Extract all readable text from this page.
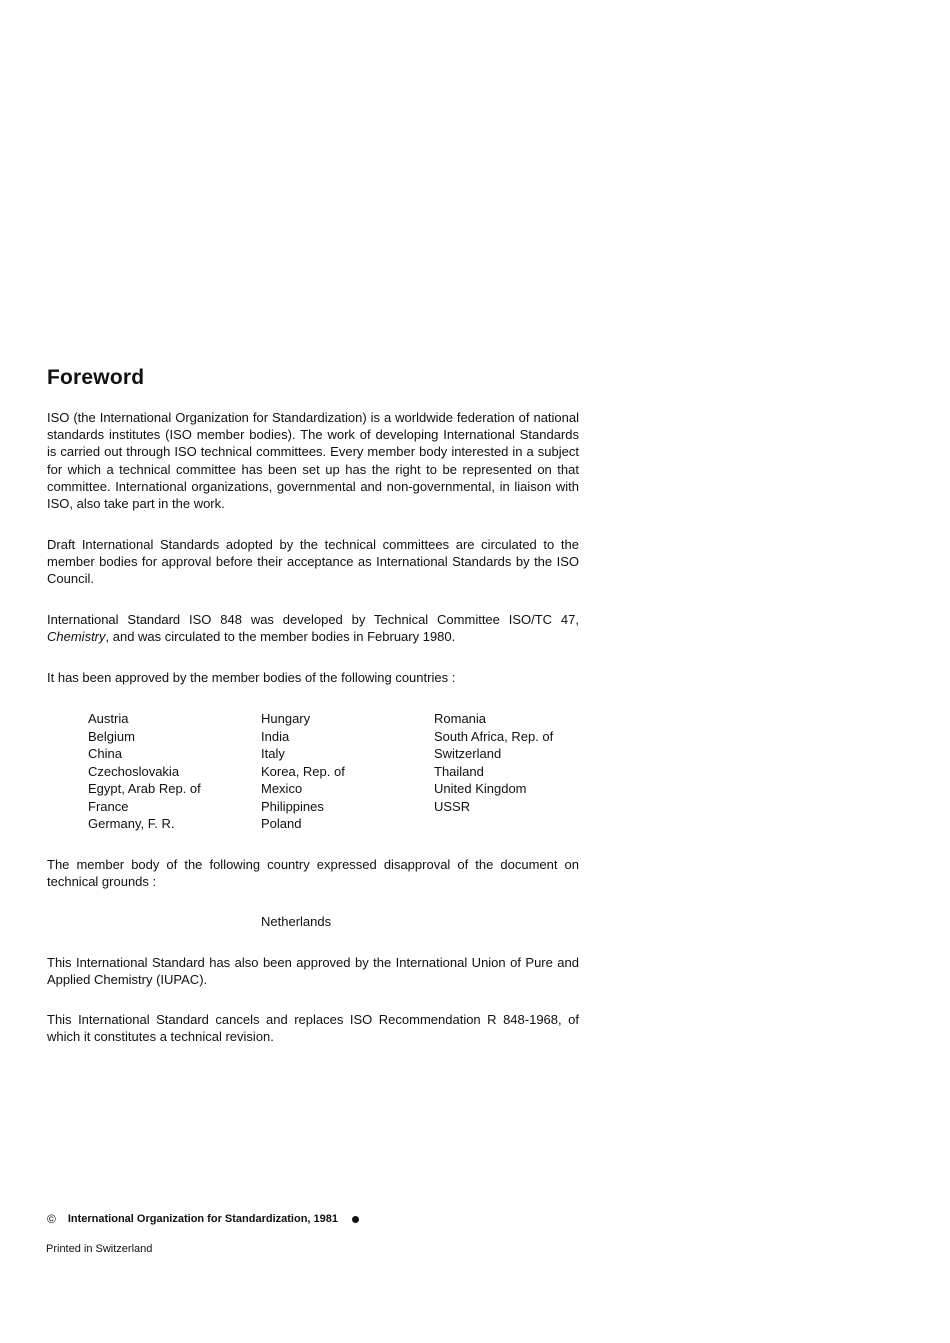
Foreword

ISO (the International Organization for Standardization) is a worldwide federation of national standards institutes (ISO member bodies). The work of developing International Standards is carried out through ISO technical committees. Every member body interested in a subject for which a technical committee has been set up has the right to be represented on that committee. International organizations, governmental and non-governmental, in liaison with ISO, also take part in the work.

Draft International Standards adopted by the technical committees are circulated to the member bodies for approval before their acceptance as International Standards by the ISO Council.

International Standard ISO 848 was developed by Technical Committee ISO/TC 47, Chemistry, and was circulated to the member bodies in February 1980.

It has been approved by the member bodies of the following countries :

Austria
Belgium
China
Czechoslovakia
Egypt, Arab Rep. of
France
Germany, F. R.
Hungary
India
Italy
Korea, Rep. of
Mexico
Philippines
Poland
Romania
South Africa, Rep. of
Switzerland
Thailand
United Kingdom
USSR

The member body of the following country expressed disapproval of the document on technical grounds :

Netherlands

This International Standard has also been approved by the International Union of Pure and Applied Chemistry (IUPAC).

This International Standard cancels and replaces ISO Recommendation R 848-1968, of which it constitutes a technical revision.

© International Organization for Standardization, 1981

Printed in Switzerland
